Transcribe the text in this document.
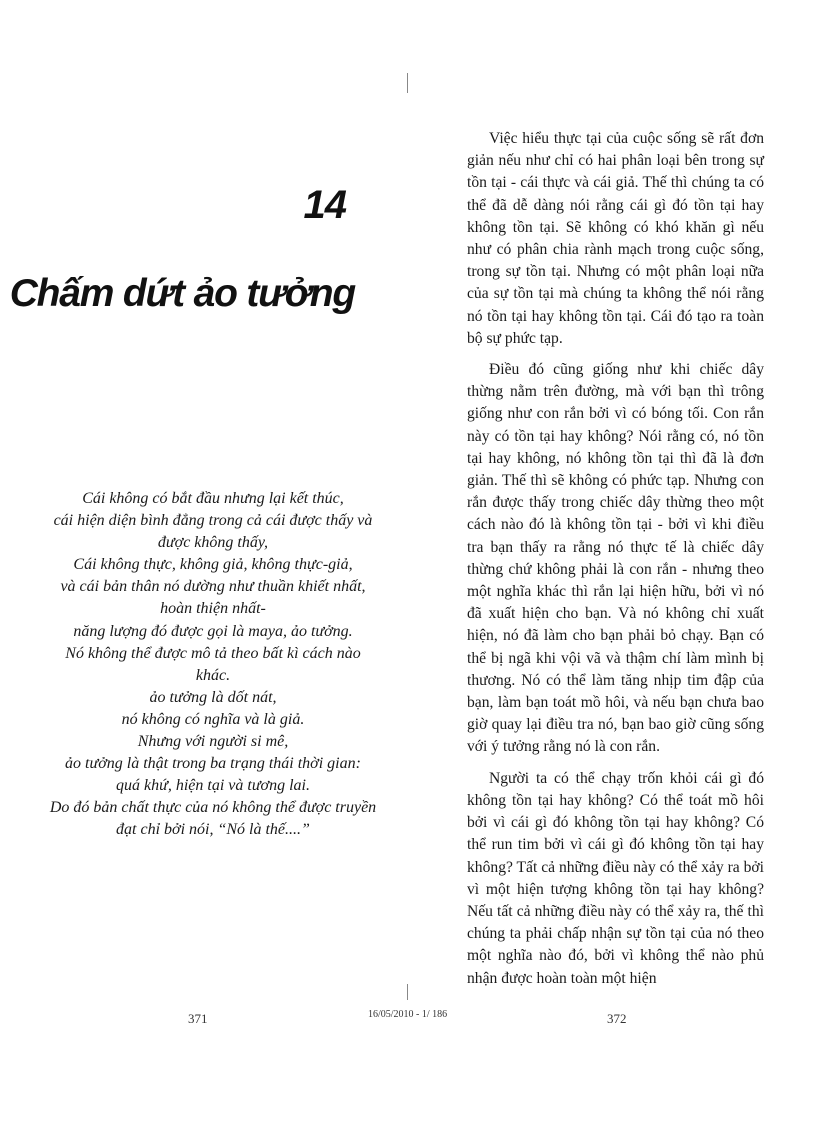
14
Chấm dứt ảo tưởng
Cái không có bắt đầu nhưng lại kết thúc,
cái hiện diện bình đẳng trong cả cái được thấy và được không thấy,
Cái không thực, không giả, không thực-giả,
và cái bản thân nó dường như thuần khiết nhất, hoàn thiện nhất-
năng lượng đó được gọi là maya, ảo tưởng.
Nó không thể được mô tả theo bất kì cách nào khác.
ảo tưởng là dốt nát,
nó không có nghĩa và là giả.
Nhưng với người si mê,
ảo tưởng là thật trong ba trạng thái thời gian:
quá khứ, hiện tại và tương lai.
Do đó bản chất thực của nó không thể được truyền đạt chỉ bởi nói, “Nó là thế....”

Việc hiểu thực tại của cuộc sống sẽ rất đơn giản nếu như chỉ có hai phân loại bên trong sự tồn tại - cái thực và cái giả. Thế thì chúng ta có thể đã dễ dàng nói rằng cái gì đó tồn tại hay không tồn tại. Sẽ không có khó khăn gì nếu như có phân chia rành mạch trong cuộc sống, trong sự tồn tại. Nhưng có một phân loại nữa của sự tồn tại mà chúng ta không thể nói rằng nó tồn tại hay không tồn tại. Cái đó tạo ra toàn bộ sự phức tạp.

Điều đó cũng giống như khi chiếc dây thừng nằm trên đường, mà với bạn thì trông giống như con rắn bởi vì có bóng tối. Con rắn này có tồn tại hay không? Nói rằng có, nó tồn tại hay không, nó không tồn tại thì đã là đơn giản. Thế thì sẽ không có phức tạp. Nhưng con rắn được thấy trong chiếc dây thừng theo một cách nào đó là không tồn tại - bởi vì khi điều tra bạn thấy ra rằng nó thực tế là chiếc dây thừng chứ không phải là con rắn - nhưng theo một nghĩa khác thì rắn lại hiện hữu, bởi vì nó đã xuất hiện cho bạn. Và nó không chỉ xuất hiện, nó đã làm cho bạn phải bỏ chạy. Bạn có thể bị ngã khi vội vã và thậm chí làm mình bị thương. Nó có thể làm tăng nhịp tim đập của bạn, làm bạn toát mồ hôi, và nếu bạn chưa bao giờ quay lại điều tra nó, bạn bao giờ cũng sống với ý tưởng rằng nó là con rắn.

Người ta có thể chạy trốn khỏi cái gì đó không tồn tại hay không? Có thể toát mồ hôi bởi vì cái gì đó không tồn tại hay không? Có thể run tim bởi vì cái gì đó không tồn tại hay không? Tất cả những điều này có thể xảy ra bởi vì một hiện tượng không tồn tại hay không? Nếu tất cả những điều này có thể xảy ra, thế thì chúng ta phải chấp nhận sự tồn tại của nó theo một nghĩa nào đó, bởi vì không thể nào phủ nhận được hoàn toàn một hiện

371	16/05/2010 - 1/ 186	372
